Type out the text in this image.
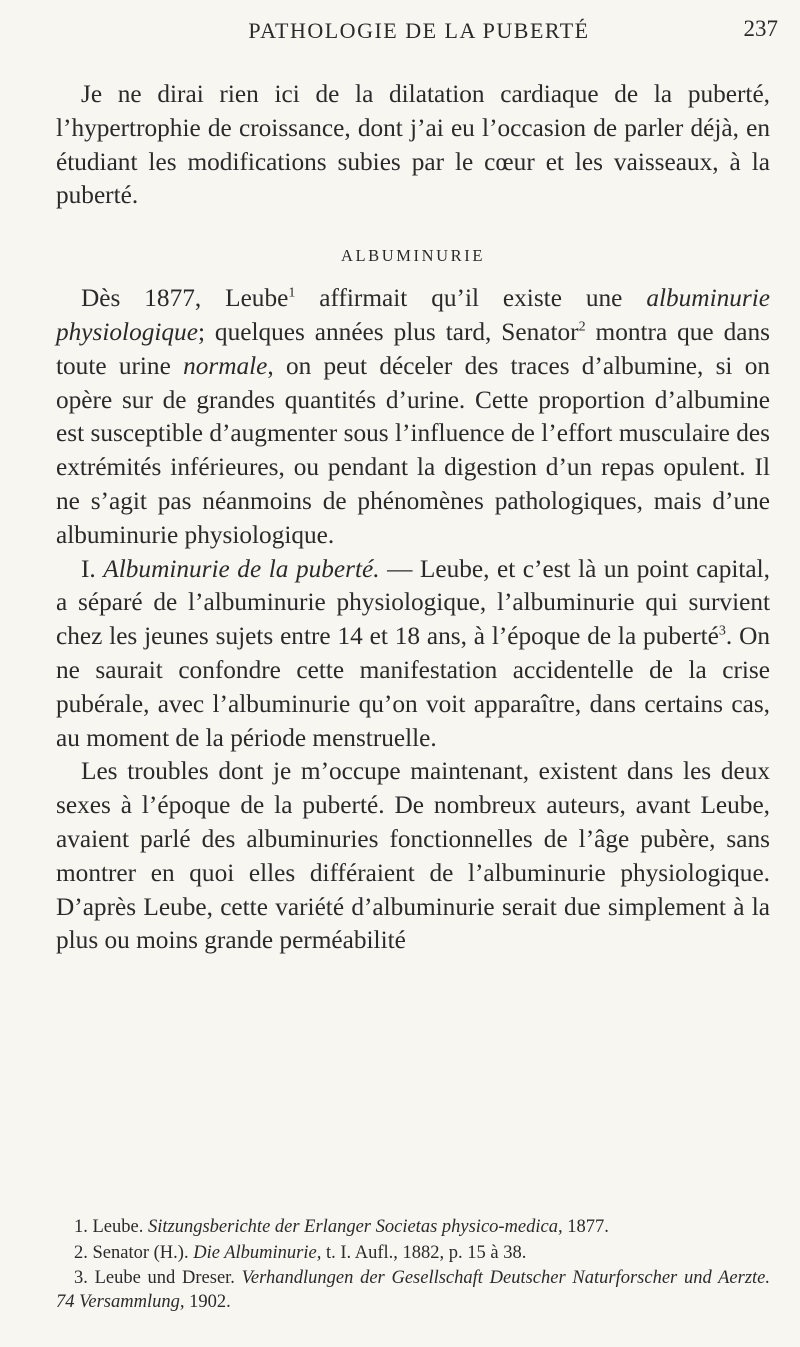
PATHOLOGIE DE LA PUBERTÉ	237

Je ne dirai rien ici de la dilatation cardiaque de la puberté, l’hypertrophie de croissance, dont j’ai eu l’occasion de parler déjà, en étudiant les modifications subies par le cœur et les vaisseaux, à la puberté.

ALBUMINURIE

Dès 1877, Leube$^1$ affirmait qu’il existe une albuminurie physiologique; quelques années plus tard, Senator$^2$ montra que dans toute urine normale, on peut déceler des traces d’albumine, si on opère sur de grandes quantités d’urine. Cette proportion d’albumine est susceptible d’augmenter sous l’influence de l’effort musculaire des extrémités inférieures, ou pendant la digestion d’un repas opulent. Il ne s’agit pas néanmoins de phénomènes pathologiques, mais d’une albuminurie physiologique.

I. Albuminurie de la puberté. — Leube, et c’est là un point capital, a séparé de l’albuminurie physiologique, l’albuminurie qui survient chez les jeunes sujets entre 14 et 18 ans, à l’époque de la puberté$^3$. On ne saurait confondre cette manifestation accidentelle de la crise pubérale, avec l’albuminurie qu’on voit apparaître, dans certains cas, au moment de la période menstruelle.

Les troubles dont je m’occupe maintenant, existent dans les deux sexes à l’époque de la puberté. De nombreux auteurs, avant Leube, avaient parlé des albuminuries fonctionnelles de l’âge pubère, sans montrer en quoi elles différaient de l’albuminurie physiologique. D’après Leube, cette variété d’albuminurie serait due simplement à la plus ou moins grande perméabilité

1. Leube. Sitzungsberichte der Erlanger Societas physico-medica, 1877.

2. Senator (H.). Die Albuminurie, t. I. Aufl., 1882, p. 15 à 38.

3. Leube und Dreser. Verhandlungen der Gesellschaft Deutscher Naturforscher und Aerzte. 74 Versammlung, 1902.
